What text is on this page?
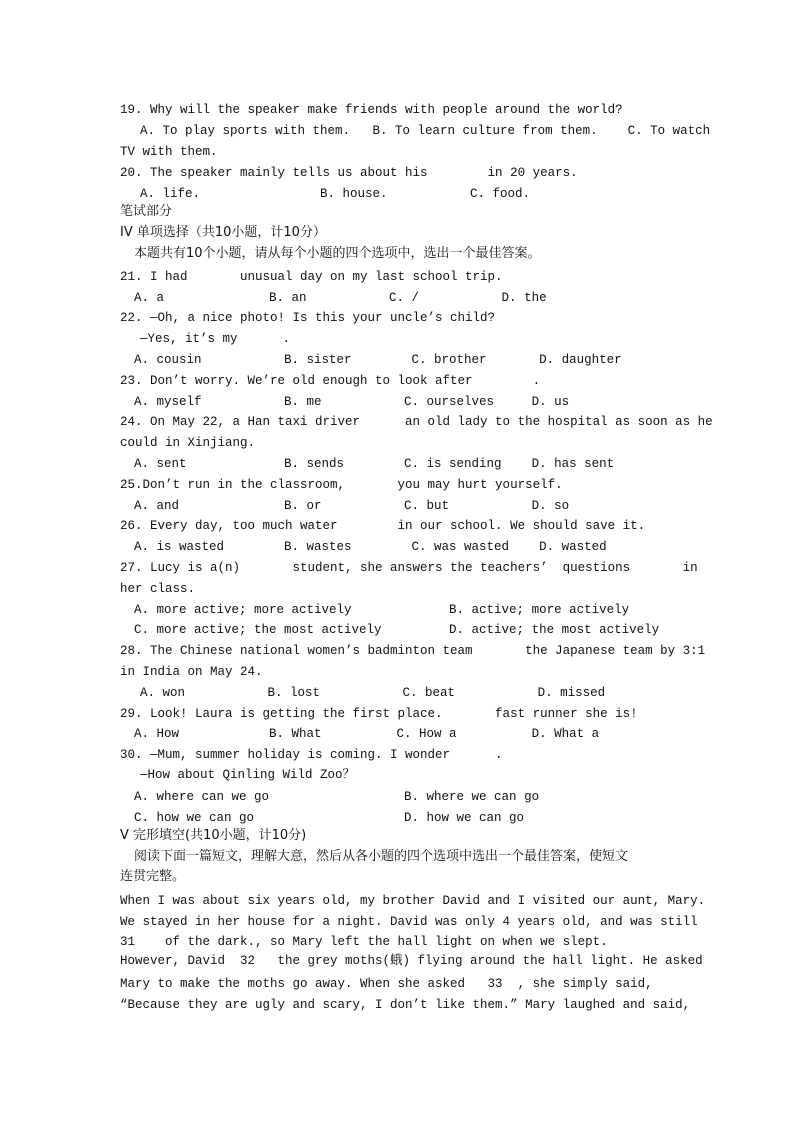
19. Why will the speaker make friends with people around the world?
A. To play sports with them.   B. To learn culture from them.    C. To watch
TV with them.
20. The speaker mainly tells us about his        in 20 years.
A. life.                B. house.           C. food.
笔试部分
IV 单项选择（共10小题，计10分）
本题共有10个小题，请从每个小题的四个选项中，选出一个最佳答案。
21. I had       unusual day on my last school trip.
A. a              B. an           C. /           D. the
22. —Oh, a nice photo! Is this your uncle’s child?
—Yes, it’s my      .
A. cousin           B. sister        C. brother       D. daughter
23. Don’t worry. We’re old enough to look after        .
A. myself           B. me           C. ourselves     D. us
24. On May 22, a Han taxi driver      an old lady to the hospital as soon as he
could in Xinjiang.
A. sent             B. sends        C. is sending    D. has sent
25.Don’t run in the classroom,       you may hurt yourself.
A. and              B. or           C. but           D. so
26. Every day, too much water        in our school. We should save it.
A. is wasted        B. wastes        C. was wasted    D. wasted
27. Lucy is a(n)       student, she answers the teachers’  questions       in
her class.
A. more active; more actively             B. active; more actively
C. more active; the most actively         D. active; the most actively
28. The Chinese national women’s badminton team       the Japanese team by 3:1
in India on May 24.
A. won           B. lost           C. beat           D. missed
29. Look! Laura is getting the first place.       fast runner she is!
A. How            B. What          C. How a          D. What a
30. —Mum, summer holiday is coming. I wonder      .
—How about Qinling Wild Zoo？
A. where can we go                  B. where we can go
C. how we can go                    D. how we can go
V 完形填空(共10小题，计10分)
阅读下面一篇短文，理解大意，然后从各小题的四个选项中选出一个最佳答案，使短文
连贯完整。
When I was about six years old, my brother David and I visited our aunt, Mary.
We stayed in her house for a night. David was only 4 years old, and was still
31    of the dark., so Mary left the hall light on when we slept.
However, David  32   the grey moths(蛾) flying around the hall light. He asked
Mary to make the moths go away. When she asked   33  , she simply said,
“Because they are ugly and scary, I don’t like them.” Mary laughed and said,
